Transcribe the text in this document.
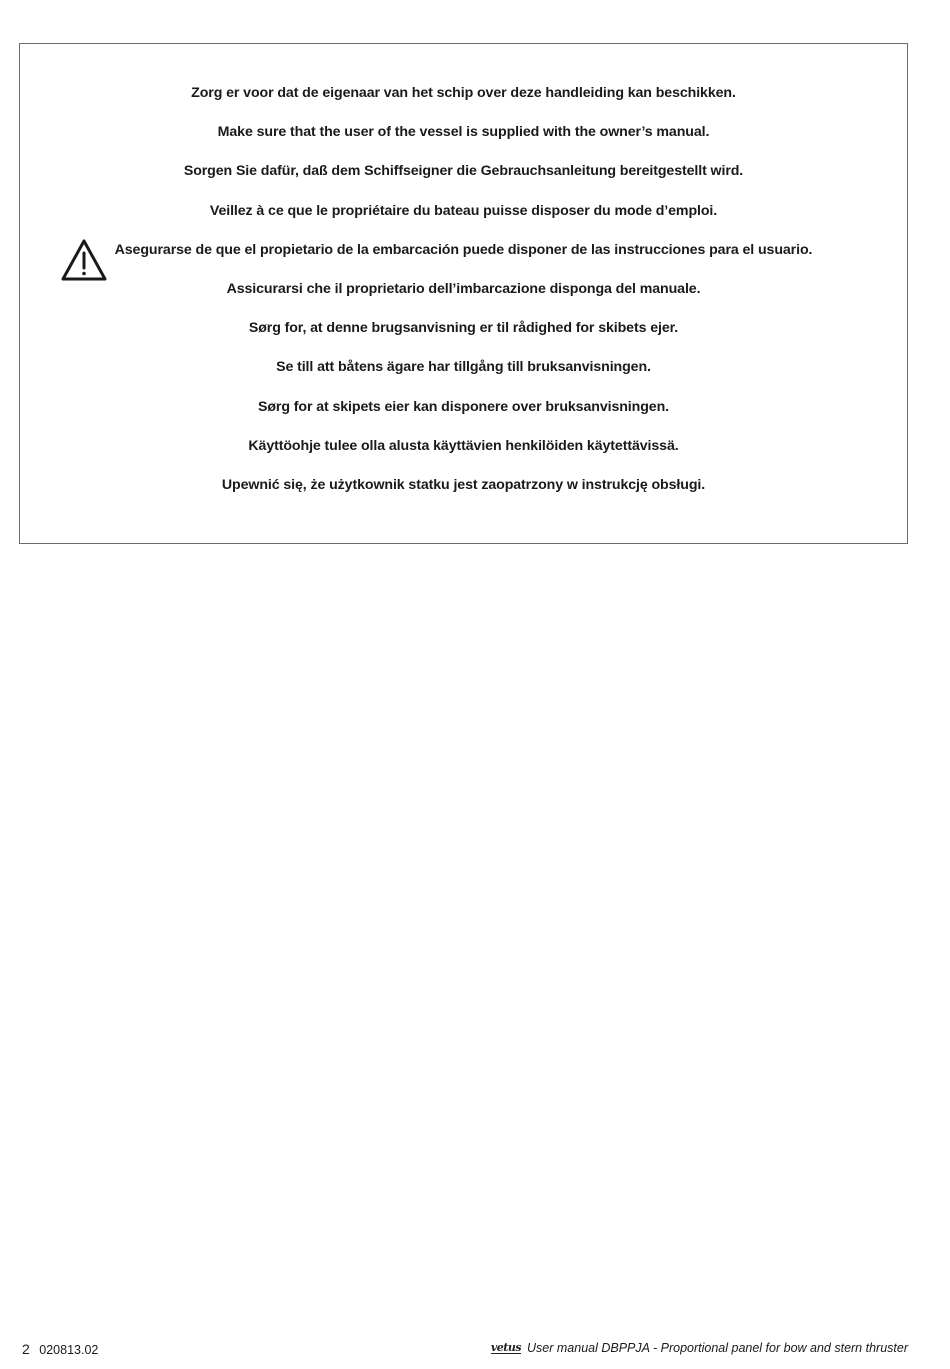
Zorg er voor dat de eigenaar van het schip over deze handleiding kan beschikken.
Make sure that the user of the vessel is supplied with the owner’s manual.
Sorgen Sie dafür, daß dem Schiffseigner die Gebrauchsanleitung bereitgestellt wird.
Veillez à ce que le propriétaire du bateau puisse disposer du mode d’emploi.
Asegurarse de que el propietario de la embarcación puede disponer de las instrucciones para el usuario.
Assicurarsi che il proprietario dell’imbarcazione disponga del manuale.
Sørg for, at denne brugsanvisning er til rådighed for skibets ejer.
Se till att båtens ägare har tillgång till bruksanvisningen.
Sørg for at skipets eier kan disponere over bruksanvisningen.
Käyttöohje tulee olla alusta käyttävien henkilöiden käytettävissä.
Upewnić się, że użytkownik statku jest zaopatrzony w instrukcję obsługi.
2 020813.02	vetus User manual DBPPJA - Proportional panel for bow and stern thruster
